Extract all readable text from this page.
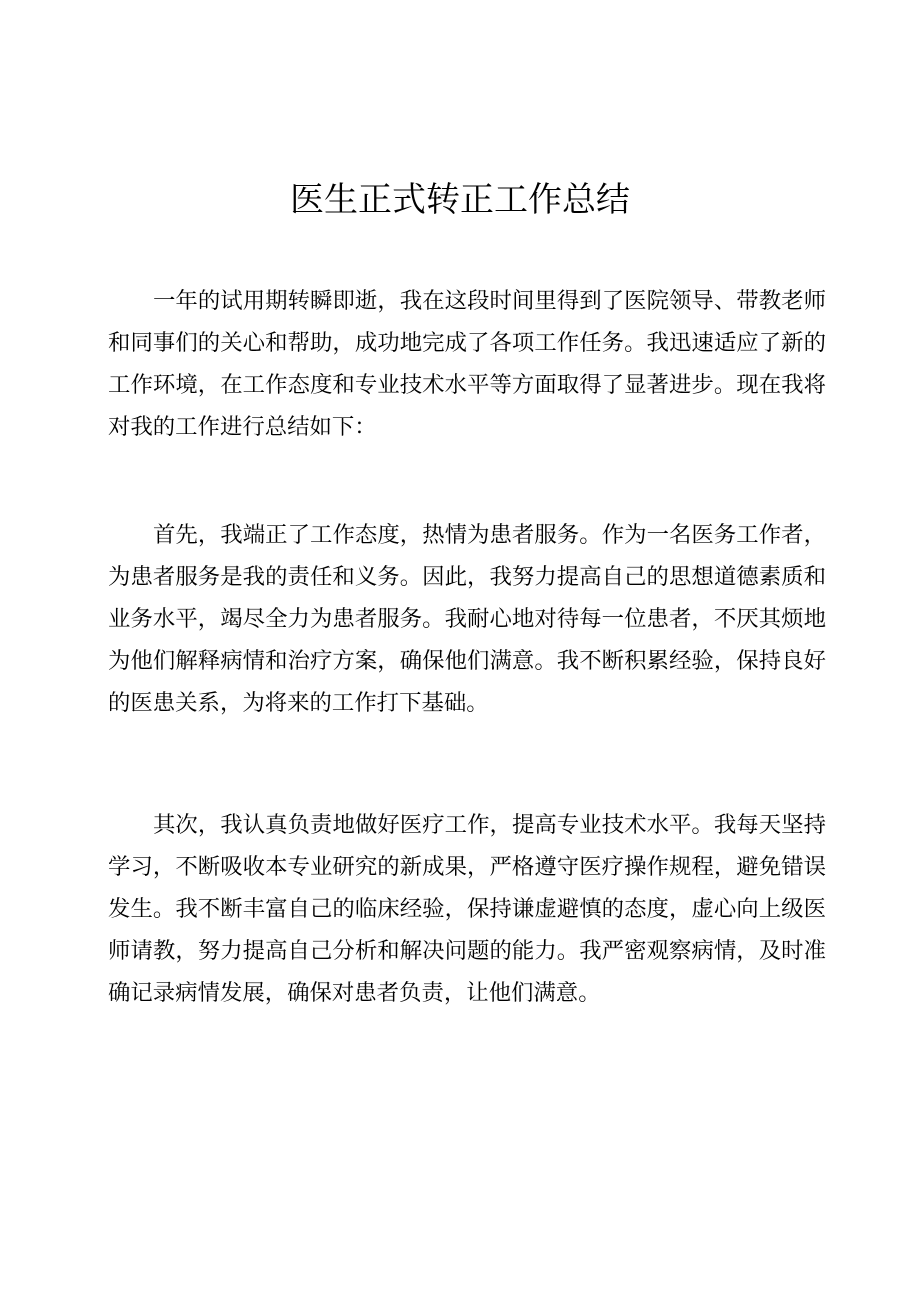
医生正式转正工作总结

一年的试用期转瞬即逝，我在这段时间里得到了医院领导、带教老师和同事们的关心和帮助，成功地完成了各项工作任务。我迅速适应了新的工作环境，在工作态度和专业技术水平等方面取得了显著进步。现在我将对我的工作进行总结如下：

首先，我端正了工作态度，热情为患者服务。作为一名医务工作者，为患者服务是我的责任和义务。因此，我努力提高自己的思想道德素质和业务水平，竭尽全力为患者服务。我耐心地对待每一位患者，不厌其烦地为他们解释病情和治疗方案，确保他们满意。我不断积累经验，保持良好的医患关系，为将来的工作打下基础。

其次，我认真负责地做好医疗工作，提高专业技术水平。我每天坚持学习，不断吸收本专业研究的新成果，严格遵守医疗操作规程，避免错误发生。我不断丰富自己的临床经验，保持谦虚避慎的态度，虚心向上级医师请教，努力提高自己分析和解决问题的能力。我严密观察病情，及时准确记录病情发展，确保对患者负责，让他们满意。
